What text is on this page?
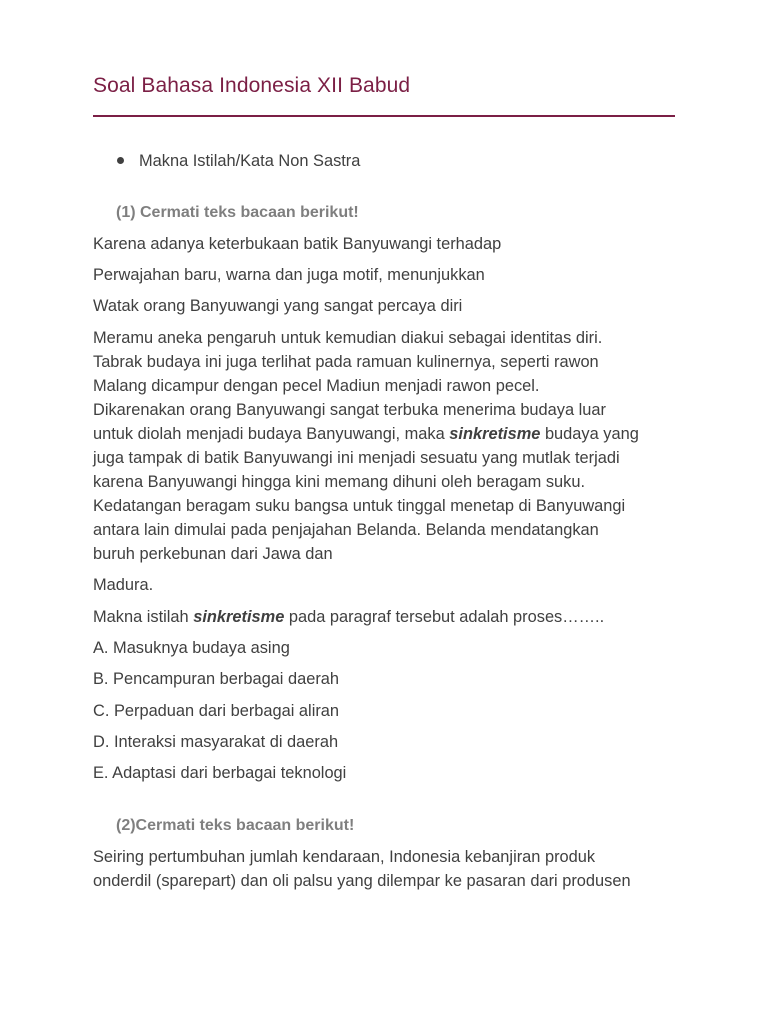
Soal Bahasa Indonesia XII Babud
Makna Istilah/Kata Non Sastra
(1) Cermati teks bacaan berikut!
Karena adanya keterbukaan batik Banyuwangi terhadap
Perwajahan baru, warna dan juga motif, menunjukkan
Watak orang Banyuwangi yang sangat percaya diri
Meramu aneka pengaruh untuk kemudian diakui sebagai identitas diri.
Tabrak budaya ini juga terlihat pada ramuan kulinernya, seperti rawon
Malang dicampur dengan pecel Madiun menjadi rawon pecel.
Dikarenakan orang Banyuwangi sangat terbuka menerima budaya luar
untuk diolah menjadi budaya Banyuwangi, maka sinkretisme budaya yang
juga tampak di batik Banyuwangi ini menjadi sesuatu yang mutlak terjadi
karena Banyuwangi hingga kini memang dihuni oleh beragam suku.
Kedatangan beragam suku bangsa untuk tinggal menetap di Banyuwangi
antara lain dimulai pada penjajahan Belanda. Belanda mendatangkan
buruh perkebunan dari Jawa dan
Madura.
Makna istilah sinkretisme pada paragraf tersebut adalah proses……..
A. Masuknya budaya asing
B. Pencampuran berbagai daerah
C. Perpaduan dari berbagai aliran
D. Interaksi masyarakat di daerah
E. Adaptasi dari berbagai teknologi
(2)Cermati teks bacaan berikut!
Seiring pertumbuhan jumlah kendaraan, Indonesia kebanjiran produk
onderdil (sparepart) dan oli palsu yang dilempar ke pasaran dari produsen
